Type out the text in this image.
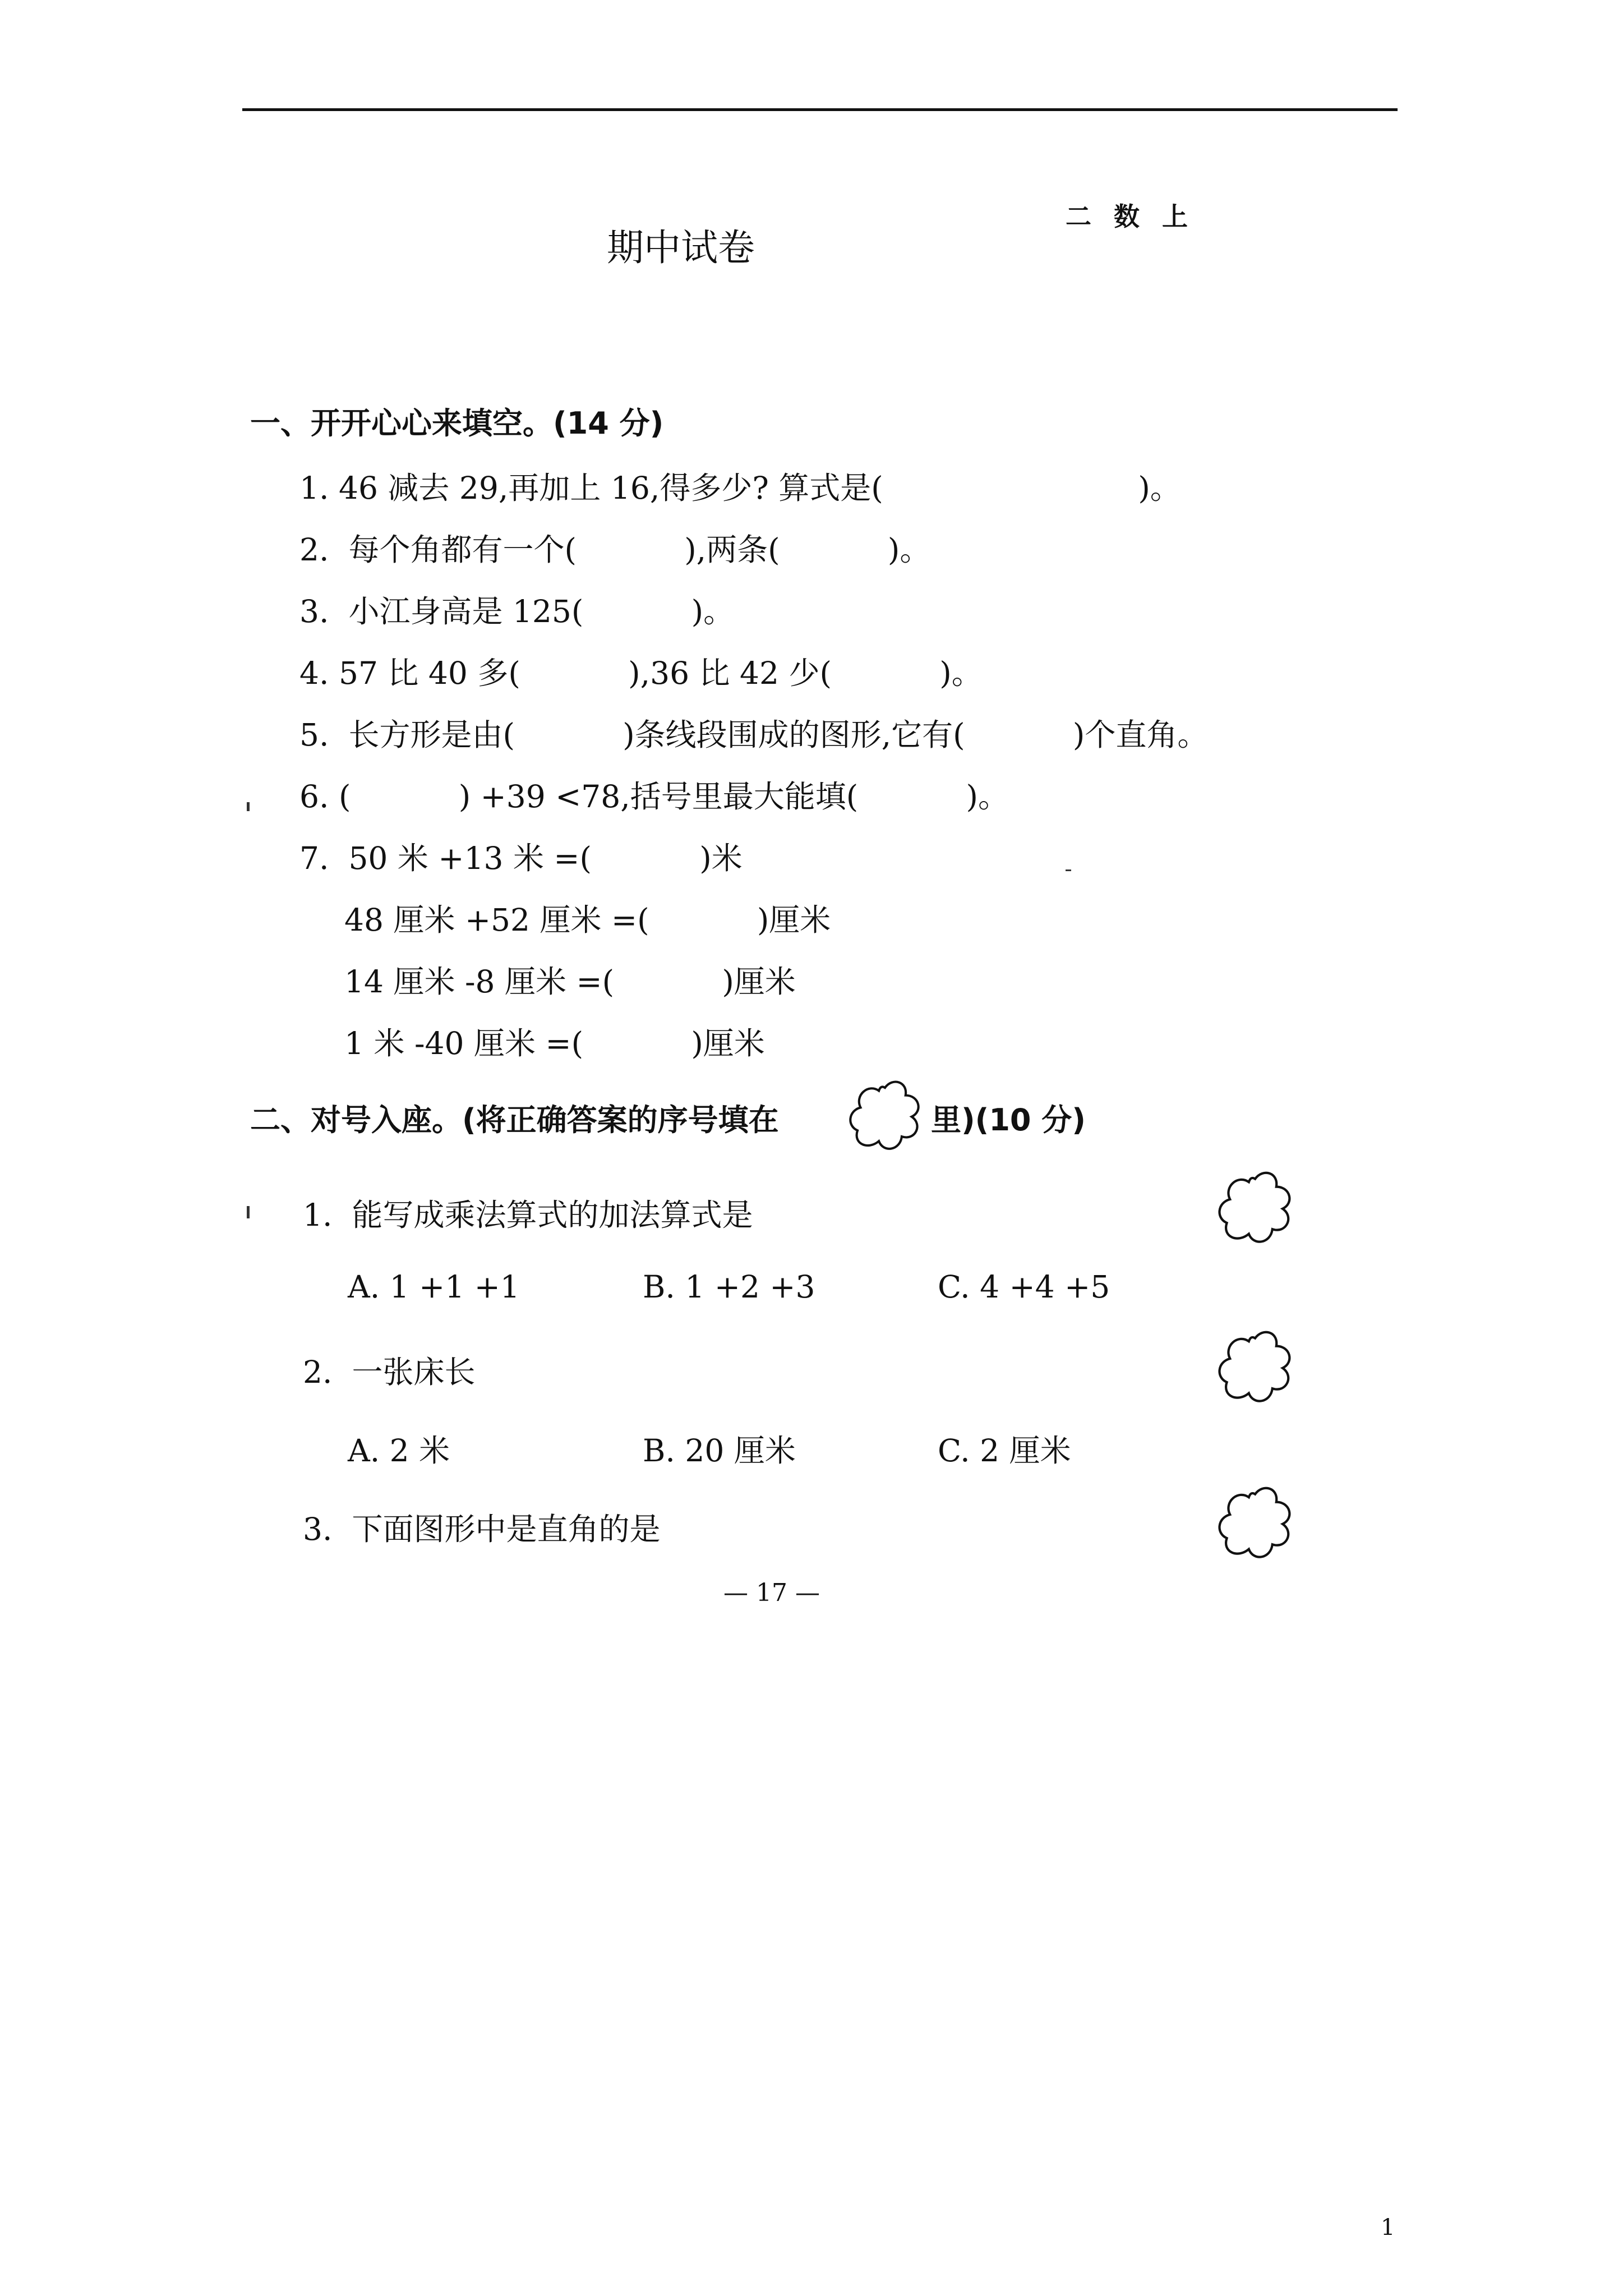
期中试卷
二数上
一、开开心心来填空。(14 分)
1. 46 减去 29,再加上 16,得多少? 算式是(                          )。
2.  每个角都有一个(           ),两条(           )。
3.  小江身高是 125(           )。
4. 57 比 40 多(           ),36 比 42 少(           )。
5.  长方形是由(           )条线段围成的图形,它有(           )个直角。
6. (           ) +39 <78,括号里最大能填(           )。
7.  50 米 +13 米 =(           )米
48 厘米 +52 厘米 =(           )厘米
14 厘米 -8 厘米 =(           )厘米
1 米 -40 厘米 =(           )厘米
二、对号入座。(将正确答案的序号填在	里)(10 分)
1.  能写成乘法算式的加法算式是
A. 1 +1 +1	B. 1 +2 +3	C. 4 +4 +5
2.  一张床长
A. 2 米	B. 20 厘米	C. 2 厘米
3.  下面图形中是直角的是
— 17 —
1
